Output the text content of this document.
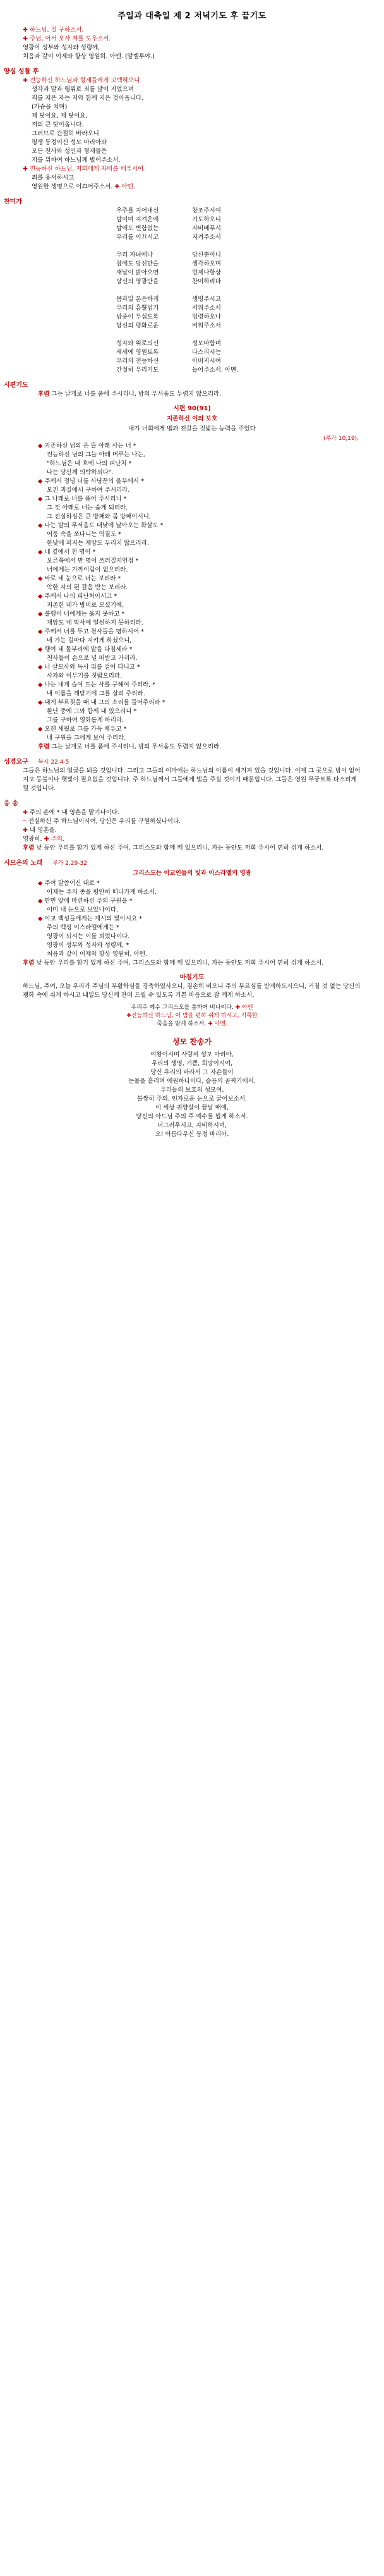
주일과 대축일 제 2 저녁기도 후 끝기도
✚ 하느님, 절 구하소서.
✚ 주님, 어서 오사 저를 도우소서.
영광이 성부와 성자와 성령께,
처음과 같이 이제와 항상 영원히. 아멘. (알렐루야.)
양심 성찰 후
✚ 전능하신 하느님과 형제들에게 고백하오니
생각과 말과 행위로 죄를 많이 지었으며
죄를 지은 자는 저와 함께 지은 것이옵니다.
(가슴을 치며)
제 탓이요, 제 탓이요,
저의 큰 탓이옵니다.
그러므로 간절히 바라오니
평생 동정이신 성모 마리아와
모든 천사와 성인과 형제들은
저를 위하여 하느님께 빌어주소서.
✚ 전능하신 하느님, 저희에게 자비를 베푸시어
죄를 용서하시고
영원한 생명으로 이끄어주소서. ✚ 아멘.
찬미가
우주를 지어내신	창조주시여
밤이며 지겨운에	기도하오니
밤에도 변함없는	자비베푸시
우리를 이끄시고	지켜주소서

우리 자녀에나	당신뿐이니
잠에도 당신만을	생각하오며
새날이 밝아오면	언제나항상
당신의 영광만을	찬미하리다

몸과일 본은하게	생명주시고
우리의 흠뿔업기	서워주소서
밤중이 무섭도록	엄령하오나
당신의 평화로운	비워주소서

성자와 위로의신	성모마합며
세세에 영원토록	다스리시는
우리의 전능하신	아버지시여
간절히 우리기도	들어주소서. 아멘.
시편기도
후렴 그는 날개로 너를 품에 주시리니, 밤의 무서움도 두렵지 않으리라.
시편 90(91)
지존하신 이의 보호
내가 너희에게 뱀과 전갈을 짓밟는 능력을 주었다
(루가 10,19).
◆ 지존하신 님의 은 뜰 아래 사는 너 *
전능하신 님의 그늘 아래 머루는 나는,
"하느님은 내 호에 나의 피난처 *
나는 당신께 의탁하외다".
◆ 주께서 정녕 너를 사냥꾼의 올무에서 *
모진 괴질에서 구하여 주시리라.
◆ 그 나래로 너를 품어 주시리니 *
그 것 아래로 너는 숨게 되리라.
그 진실하심은 큰 방패와 몸 방패이시니,
◆ 나는 밤의 무서움도 대낮에 날아오는 화살도 *
어둠 속을 쏘다니는 역질도 *
한낮에 퍼지는 재앙도 두리지 않으리라.
◆ 네 곁에서 천 명이 *
오른쪽에서 만 명이 쓰러질지언정 *
너에게는 가까이럽이 없으리라.
◆ 바로 네 눈으로 너는 보리라 *
악한 자의 된 갚음 받는 보리라.
◆ 주께서 나의 피난처이시고 *
지존한 네가 방비로 모셨기에,
◆ 불행이 너에게는 옳지 못하고 *
재앙도 네 막사에 얼씬하지 못하리라.
◆ 주께서 너를 두고 천사들을 명하시어 *
네 가는 길마다 지키게 하셨으니,
◆ 행여 네 돌부리에 발을 다칠세라 *
천사들이 손으로 널 떠받고 가리라.
◆ 너 살모사와 독사 위를 걸어 다니고 *
사자와 이무기를 짓밟으리라.
◆ 나는 내게 슬여 드는 사를 구해여 주리라, *
내 이름을 깨닫기에 그를 살려 주리라.
◆ 내게 부르짖을 때 내 그의 소리를 들어주리라 *
환난 중에 그와 함께 내 있으리니 *
그를 구하여 영화롭게 하리라.
◆ 오랜 세월로 그를 가득 채우고 *
내 구원을 그에게 보여 주리라.
후렴 그는 날개로 너를 품에 주시리니, 밤의 무서움도 두렵지 않으리라.
성경요구 묵시 22,4-5
그들은 하느님의 얼굴을 뵈올 것입니다. 그리고 그들의 이마에는 하느님의 이름이 새겨져 있을 것입니다. 이제 그 곳으로 밤이 없어지고 등불이나 햇빛이 필요없을 것입니다. 주 하느님께서 그들에게 빛을 주실 것이기 때문입니다. 그들은 영원 무궁토록 다스리게 될 것입니다.
응 송
✚ 주의 손에 * 내 영혼을 맡기나이다.
─ 전실하신 주 하느님이시여, 당신은 우리를 구원하셨나이다.
✚ 내 영혼을.
영광히. ✚ 주의.
후렴 낮 동안 우리를 합기 있게 하신 주여, 그리스도와 함께 깨 있으리니, 자는 동안도 저희 주시어 편히 쉬게 하소서.
시므온의 노래 루가 2,29-32
그리스도는 이교인들의 빛과 이스라엘의 영광
◆ 주여 말씀이신 대로 *
이제는 주의 종을 평안히 떠나가게 하소서.
◆ 만민 앞에 마련하신 주의 구원을 *
이미 내 눈으로 보았나이다.
◆ 이교 백성들에게는 계시의 빛이시요 *
주의 백성 이스라엘에게는 *
영광이 되시는 이를 뵈었나이다.
영광이 성부와 성자와 성령께, *
처음과 같이 이제와 항상 영원히. 아멘.
후렴 낮 동안 우리를 합기 있게 하신 주여, 그리스도와 함께 깨 있으리니, 자는 동안도 저희 주시어 편히 쉬게 하소서.
마침기도
하느님, 주여, 오늘 우리가 주님의 부활하심을 경축하였사오니, 겸손히 비오니 주의 부르심를 받게하도시으니, 거칠 것 없는 당신의 괭화 속에 쉬게 하시고 내일도 당신께 찬미 드릴 수 있도록 기쁜 마음으로 잠 깨게 하소서.
우리주 예수 그리스도를 통하여 비나이다. ✚ 아멘
✚전능하신 하느님, 이 밤을 편히 쉬게 하시고, 거룩한
죽음을 맞게 하소서. ✚ 아멘.
성모 찬송가
여왕이시며 사랑씨 성모 마리아,
우리의 생명, 기쁨, 희망이시여,
당신 우리의 바라서 그 자손들이
눈물을 흘리며 애원하나이다, 슬픔의 골짜기에서.
우리들의 보호의 성모여,
불쌍히 주의, 인자로운 눈으로 굴어보소서.
이 세상 귀양살이 끝날 때에,
당신의 아드님 주의 주 예수를 뵙게 하소서.
너그러우시고, 자비하시며,
오! 아름다우신 동정 마리아.
